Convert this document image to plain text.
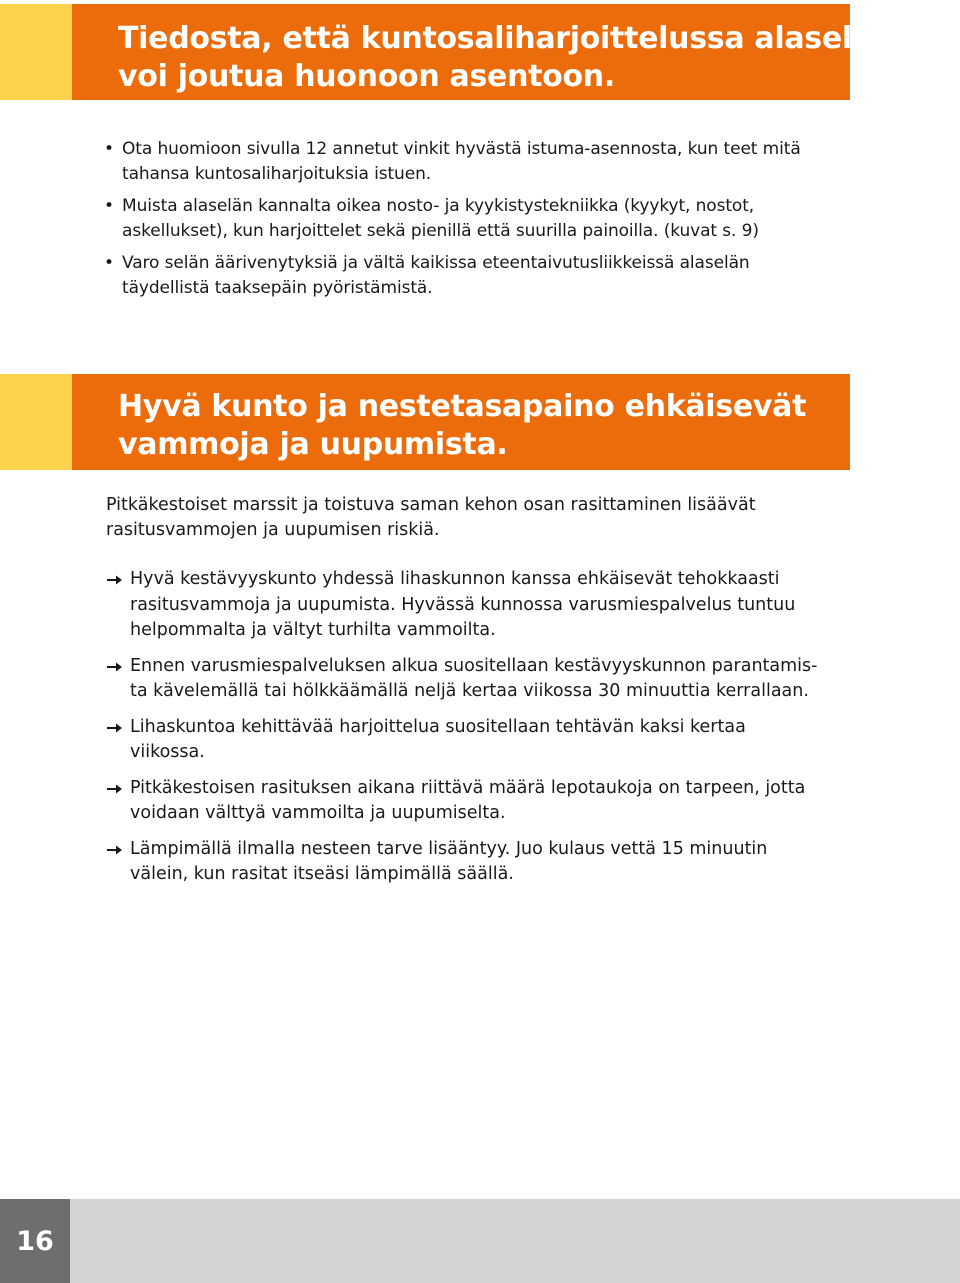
Tiedosta, että kuntosaliharjoittelussa alaselkä
voi joutua huonoon asentoon.
• Ota huomioon sivulla 12 annetut vinkit hyvästä istuma-asennosta, kun teet mitä
tahansa kuntosaliharjoituksia istuen.
• Muista alaselän kannalta oikea nosto- ja kyykistystekniikka (kyykyt, nostot,
askellukset), kun harjoittelet sekä pienillä että suurilla painoilla. (kuvat s. 9)
• Varo selän äärivenytyksiä ja vältä kaikissa eteentaivutusliikkeissä alaselän
täydellistä taaksepäin pyöristämistä.
Hyvä kunto ja nestetasapaino ehkäisevät
vammoja ja uupumista.
Pitkäkestoiset marssit ja toistuva saman kehon osan rasittaminen lisäävät
rasitusvammojen ja uupumisen riskiä.
Hyvä kestävyyskunto yhdessä lihaskunnon kanssa ehkäisevät tehokkaasti
rasitusvammoja ja uupumista. Hyvässä kunnossa varusmiespalvelus tuntuu
helpommalta ja vältyt turhilta vammoilta.
Ennen varusmiespalveluksen alkua suositellaan kestävyyskunnon parantamis-
ta kävelemällä tai hölkkäämällä neljä kertaa viikossa 30 minuuttia kerrallaan.
Lihaskuntoa kehittävää harjoittelua suositellaan tehtävän kaksi kertaa
viikossa.
Pitkäkestoisen rasituksen aikana riittävä määrä lepotaukoja on tarpeen, jotta
voidaan välttyä vammoilta ja uupumiselta.
Lämpimällä ilmalla nesteen tarve lisääntyy. Juo kulaus vettä 15 minuutin
välein, kun rasitat itseäsi lämpimällä säällä.
16
